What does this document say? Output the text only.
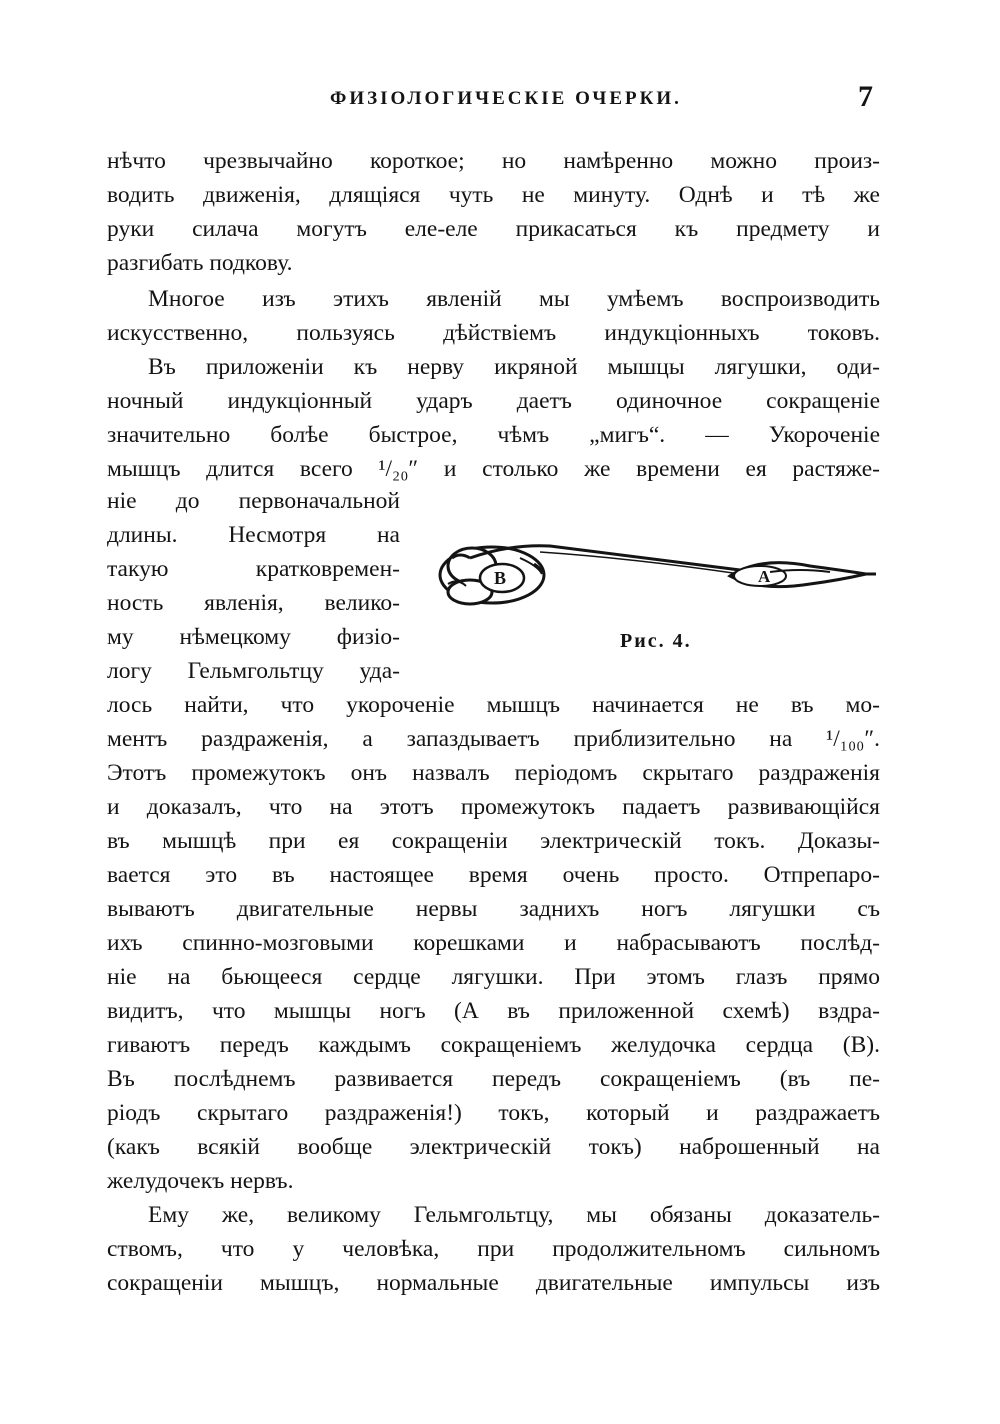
ФИЗIОЛОГИЧЕСКIЕ ОЧЕРКИ.	7
нѣчто чрезвычайно короткое; но намѣренно можно произ-
водить движенiя, длящiяся чуть не минуту. Однѣ и тѣ же
руки силача могутъ еле-еле прикасаться къ предмету и
разгибать подкову.
Многое изъ этихъ явленiй мы умѣемъ воспроизводить
искусственно, пользуясь дѣйствiемъ индукцiонныхъ токовъ.
Въ приложенiи къ нерву икряной мышцы лягушки, оди-
ночный индукцiонный ударъ даетъ одиночное сокращенiе
значительно болѣе быстрое, чѣмъ „мигъ“. — Укороченiе
мышцъ длится всего ¹/₂₀″ и столько же времени ея растяже-
нiе до первоначальной
длины. Несмотря на
такую кратковремен-
ность явленiя, велико-
му нѣмецкому физiо-
логу Гельмгольтцу уда-
лось найти, что укороченiе мышцъ начинается не въ мо-
ментъ раздраженiя, а запаздываетъ приблизительно на ¹/₁₀₀″.
Этотъ промежутокъ онъ назвалъ перiодомъ скрытаго раздраженiя
и доказалъ, что на этотъ промежутокъ падаетъ развивающiйся
въ мышцѣ при ея сокращенiи электрическiй токъ. Доказы-
вается это въ настоящее время очень просто. Отпрепаро-
вываютъ двигательные нервы заднихъ ногъ лягушки съ
ихъ спинно-мозговыми корешками и набрасываютъ послѣд-
нiе на бьющееся сердце лягушки. При этомъ глазъ прямо
видитъ, что мышцы ногъ (А въ приложенной схемѣ) вздра-
гиваютъ передъ каждымъ сокращенiемъ желудочка сердца (В).
Въ послѣднемъ развивается передъ сокращенiемъ (въ пе-
рiодъ скрытаго раздраженiя!) токъ, который и раздражаетъ
(какъ всякiй вообще электрическiй токъ) наброшенный на
желудочекъ нервъ.
Ему же, великому Гельмгольтцу, мы обязаны доказатель-
ствомъ, что у человѣка, при продолжительномъ сильномъ
сокращенiи мышцъ, нормальные двигательные импульсы изъ
B	A
Рис. 4.
